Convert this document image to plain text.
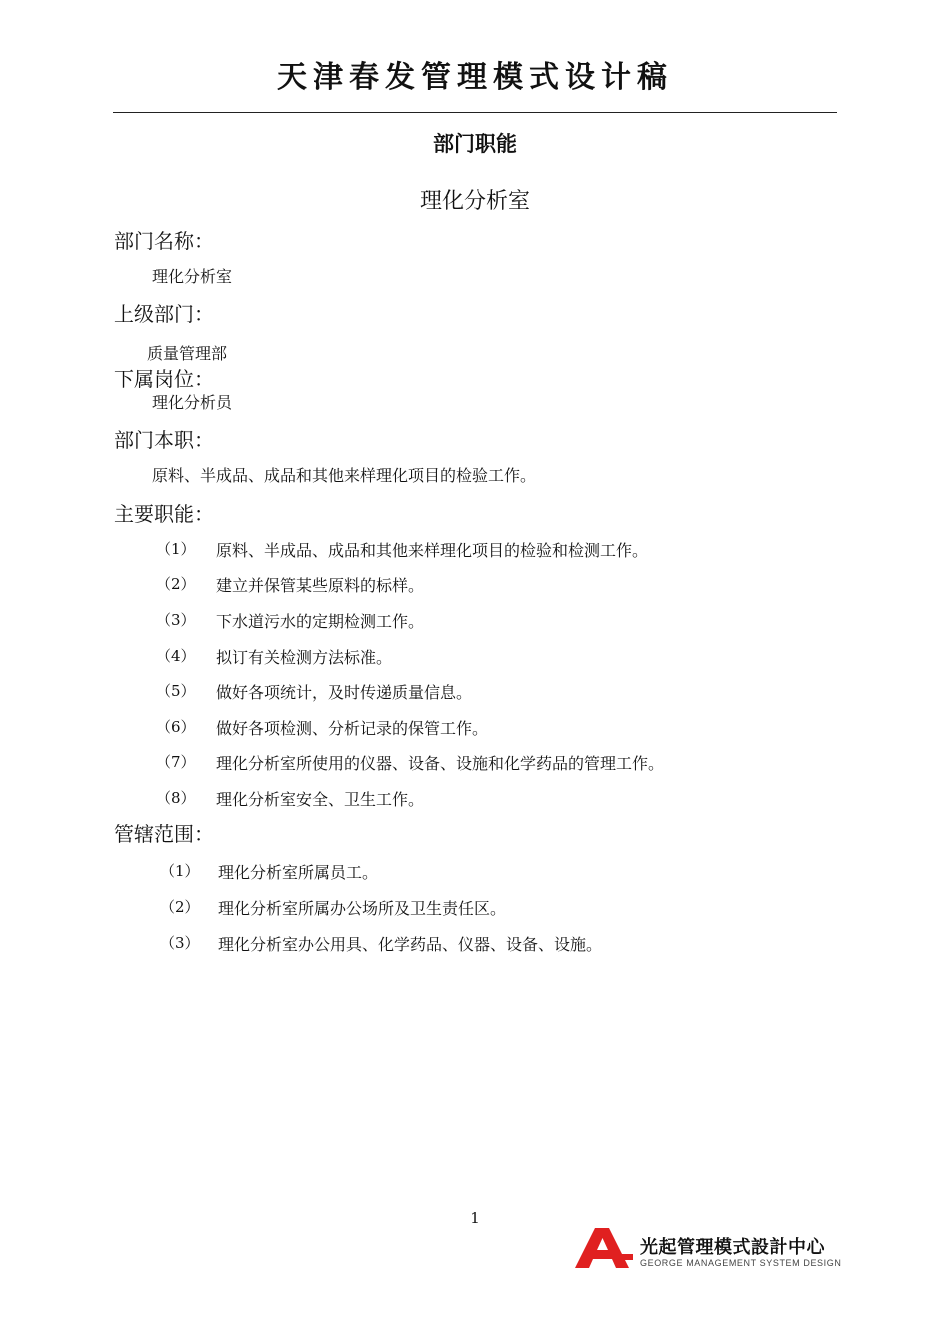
天津春发管理模式设计稿
部门职能
理化分析室
部门名称：
理化分析室
上级部门：
质量管理部
下属岗位：
理化分析员
部门本职：
原料、半成品、成品和其他来样理化项目的检验工作。
主要职能：
（1） 原料、半成品、成品和其他来样理化项目的检验和检测工作。
（2） 建立并保管某些原料的标样。
（3） 下水道污水的定期检测工作。
（4） 拟订有关检测方法标准。
（5） 做好各项统计，及时传递质量信息。
（6） 做好各项检测、分析记录的保管工作。
（7） 理化分析室所使用的仪器、设备、设施和化学药品的管理工作。
（8） 理化分析室安全、卫生工作。
管辖范围：
（1） 理化分析室所属员工。
（2） 理化分析室所属办公场所及卫生责任区。
（3） 理化分析室办公用具、化学药品、仪器、设备、设施。
1
光起管理模式設計中心
GEORGE MANAGEMENT SYSTEM DESIGN
